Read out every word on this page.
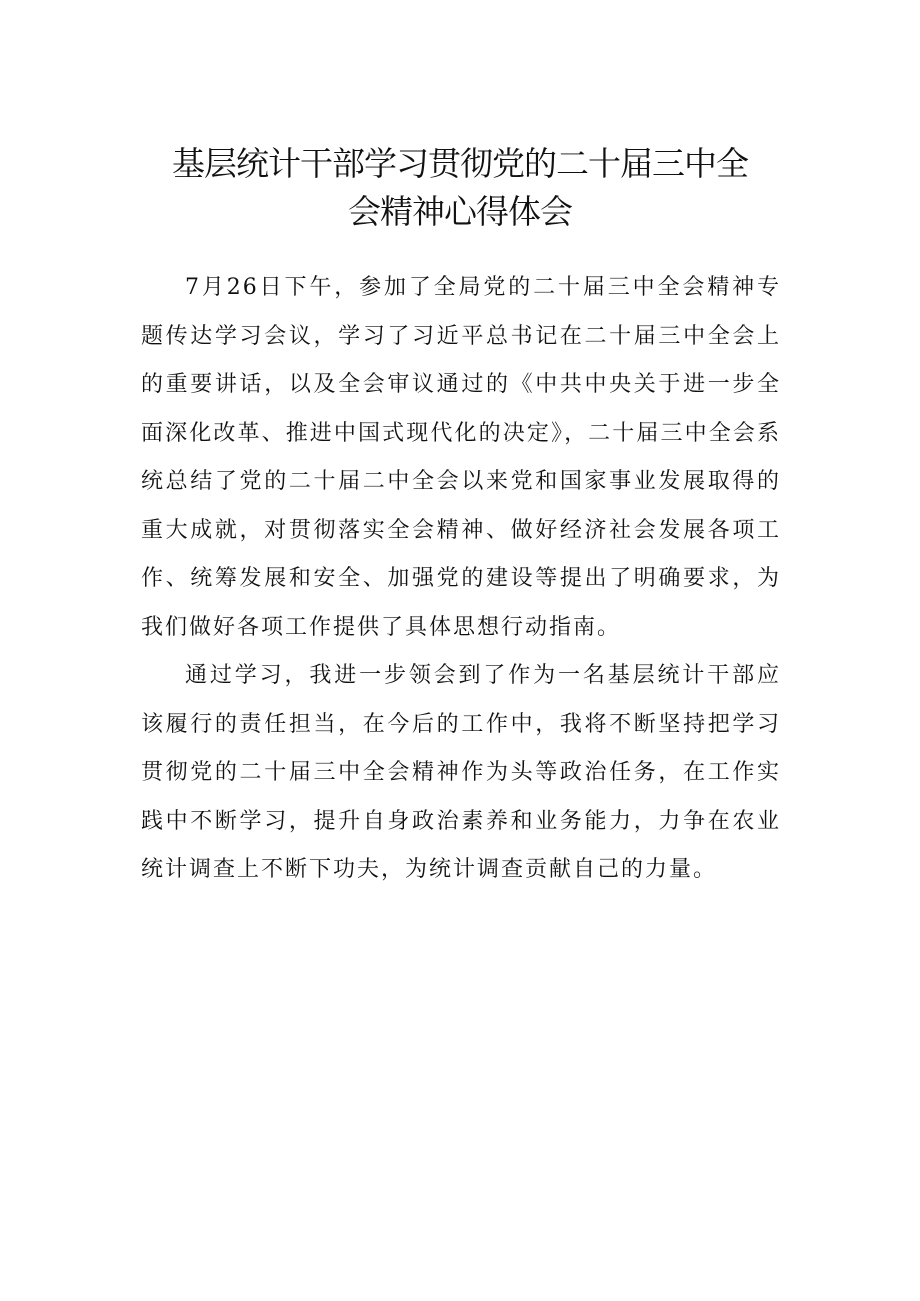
基层统计干部学习贯彻党的二十届三中全
会精神心得体会

7月26日下午，参加了全局党的二十届三中全会精神专题传达学习会议，学习了习近平总书记在二十届三中全会上的重要讲话，以及全会审议通过的《中共中央关于进一步全面深化改革、推进中国式现代化的决定》，二十届三中全会系统总结了党的二十届二中全会以来党和国家事业发展取得的重大成就，对贯彻落实全会精神、做好经济社会发展各项工作、统筹发展和安全、加强党的建设等提出了明确要求，为我们做好各项工作提供了具体思想行动指南。

通过学习，我进一步领会到了作为一名基层统计干部应该履行的责任担当，在今后的工作中，我将不断坚持把学习贯彻党的二十届三中全会精神作为头等政治任务，在工作实践中不断学习，提升自身政治素养和业务能力，力争在农业统计调查上不断下功夫，为统计调查贡献自己的力量。
